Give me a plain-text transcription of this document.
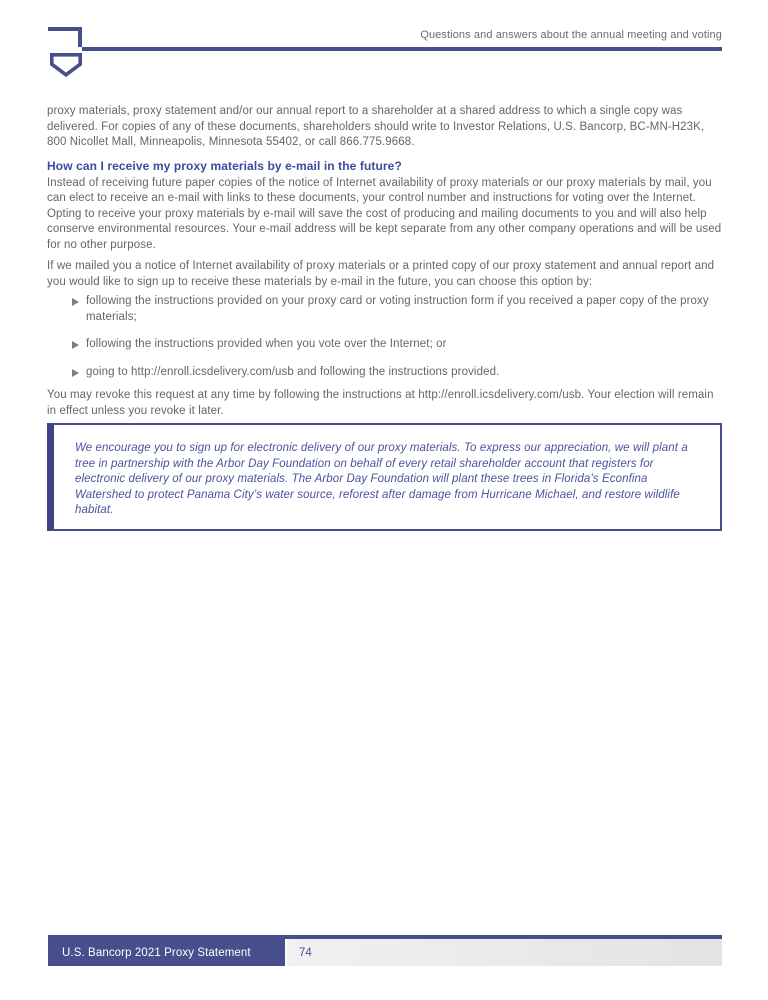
Questions and answers about the annual meeting and voting

proxy materials, proxy statement and/or our annual report to a shareholder at a shared address to which a single copy was delivered. For copies of any of these documents, shareholders should write to Investor Relations, U.S. Bancorp, BC-MN-H23K, 800 Nicollet Mall, Minneapolis, Minnesota 55402, or call 866.775.9668.

How can I receive my proxy materials by e-mail in the future?

Instead of receiving future paper copies of the notice of Internet availability of proxy materials or our proxy materials by mail, you can elect to receive an e-mail with links to these documents, your control number and instructions for voting over the Internet. Opting to receive your proxy materials by e-mail will save the cost of producing and mailing documents to you and will also help conserve environmental resources. Your e-mail address will be kept separate from any other company operations and will be used for no other purpose.

If we mailed you a notice of Internet availability of proxy materials or a printed copy of our proxy statement and annual report and you would like to sign up to receive these materials by e-mail in the future, you can choose this option by:

following the instructions provided on your proxy card or voting instruction form if you received a paper copy of the proxy materials;
following the instructions provided when you vote over the Internet; or
going to http://enroll.icsdelivery.com/usb and following the instructions provided.

You may revoke this request at any time by following the instructions at http://enroll.icsdelivery.com/usb. Your election will remain in effect unless you revoke it later.

We encourage you to sign up for electronic delivery of our proxy materials. To express our appreciation, we will plant a tree in partnership with the Arbor Day Foundation on behalf of every retail shareholder account that registers for electronic delivery of our proxy materials. The Arbor Day Foundation will plant these trees in Florida’s Econfina Watershed to protect Panama City’s water source, reforest after damage from Hurricane Michael, and restore wildlife habitat.

U.S. Bancorp 2021 Proxy Statement	74
